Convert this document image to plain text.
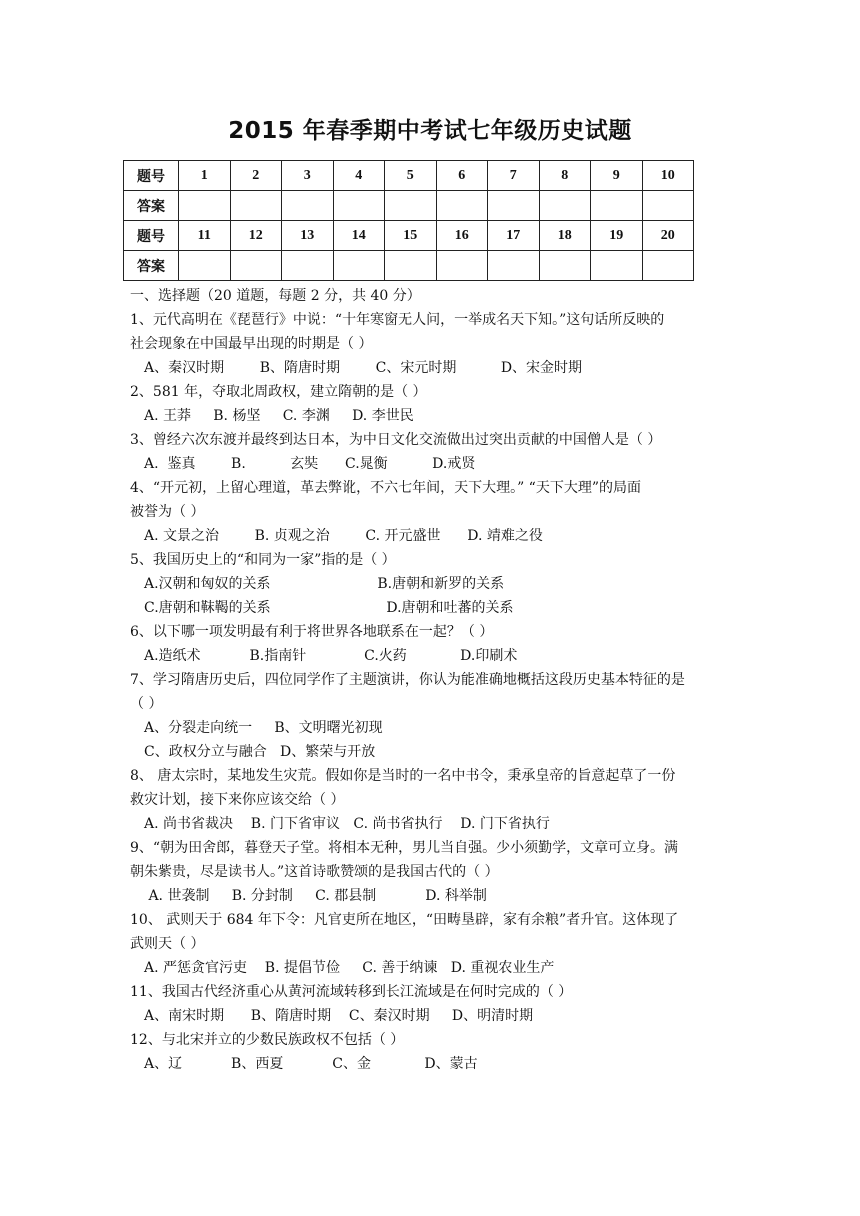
2015 年春季期中考试七年级历史试题
题号	1	2	3	4	5	6	7	8	9	10
答案										
题号	11	12	13	14	15	16	17	18	19	20
答案										
一、选择题（20 道题，每题 2 分，共 40 分）
1、元代高明在《琵琶行》中说：“十年寒窗无人问，一举成名天下知。”这句话所反映的
社会现象在中国最早出现的时期是（ ）
A、秦汉时期        B、隋唐时期        C、宋元时期          D、宋金时期
2、581 年，夺取北周政权，建立隋朝的是（ ）
A. 王莽     B. 杨坚     C. 李渊     D. 李世民
3、曾经六次东渡并最终到达日本，为中日文化交流做出过突出贡献的中国僧人是（ ）
A.  鉴真        B.          玄奘      C.晁衡          D.戒贤
4、“开元初，上留心理道，革去弊讹，不六七年间，天下大理。” “天下大理”的局面
被誉为（ ）
A. 文景之治        B. 贞观之治        C. 开元盛世      D. 靖难之役
5、我国历史上的“和同为一家”指的是（ ）
A.汉朝和匈奴的关系                        B.唐朝和新罗的关系
C.唐朝和靺鞨的关系                          D.唐朝和吐蕃的关系
6、以下哪一项发明最有利于将世界各地联系在一起？（ ）
A.造纸术           B.指南针             C.火药            D.印刷术
7、学习隋唐历史后，四位同学作了主题演讲，你认为能准确地概括这段历史基本特征的是
（ ）
A、分裂走向统一     B、文明曙光初现
C、政权分立与融合   D、繁荣与开放
8、 唐太宗时，某地发生灾荒。假如你是当时的一名中书令，秉承皇帝的旨意起草了一份
救灾计划，接下来你应该交给（ ）
A. 尚书省裁决    B. 门下省审议   C. 尚书省执行    D. 门下省执行
9、“朝为田舍郎，暮登天子堂。将相本无种，男儿当自强。少小须勤学，文章可立身。满
朝朱紫贵，尽是读书人。”这首诗歌赞颂的是我国古代的（ ）
A. 世袭制     B. 分封制     C. 郡县制           D. 科举制
10、 武则天于 684 年下令：凡官吏所在地区，“田畴垦辟，家有余粮”者升官。这体现了
武则天（ ）
A. 严惩贪官污吏    B. 提倡节俭     C. 善于纳谏   D. 重视农业生产
11、我国古代经济重心从黄河流域转移到长江流域是在何时完成的（ ）
A、南宋时期      B、隋唐时期    C、秦汉时期     D、明清时期
12、与北宋并立的少数民族政权不包括（ ）
A、辽           B、西夏           C、金            D、蒙古
